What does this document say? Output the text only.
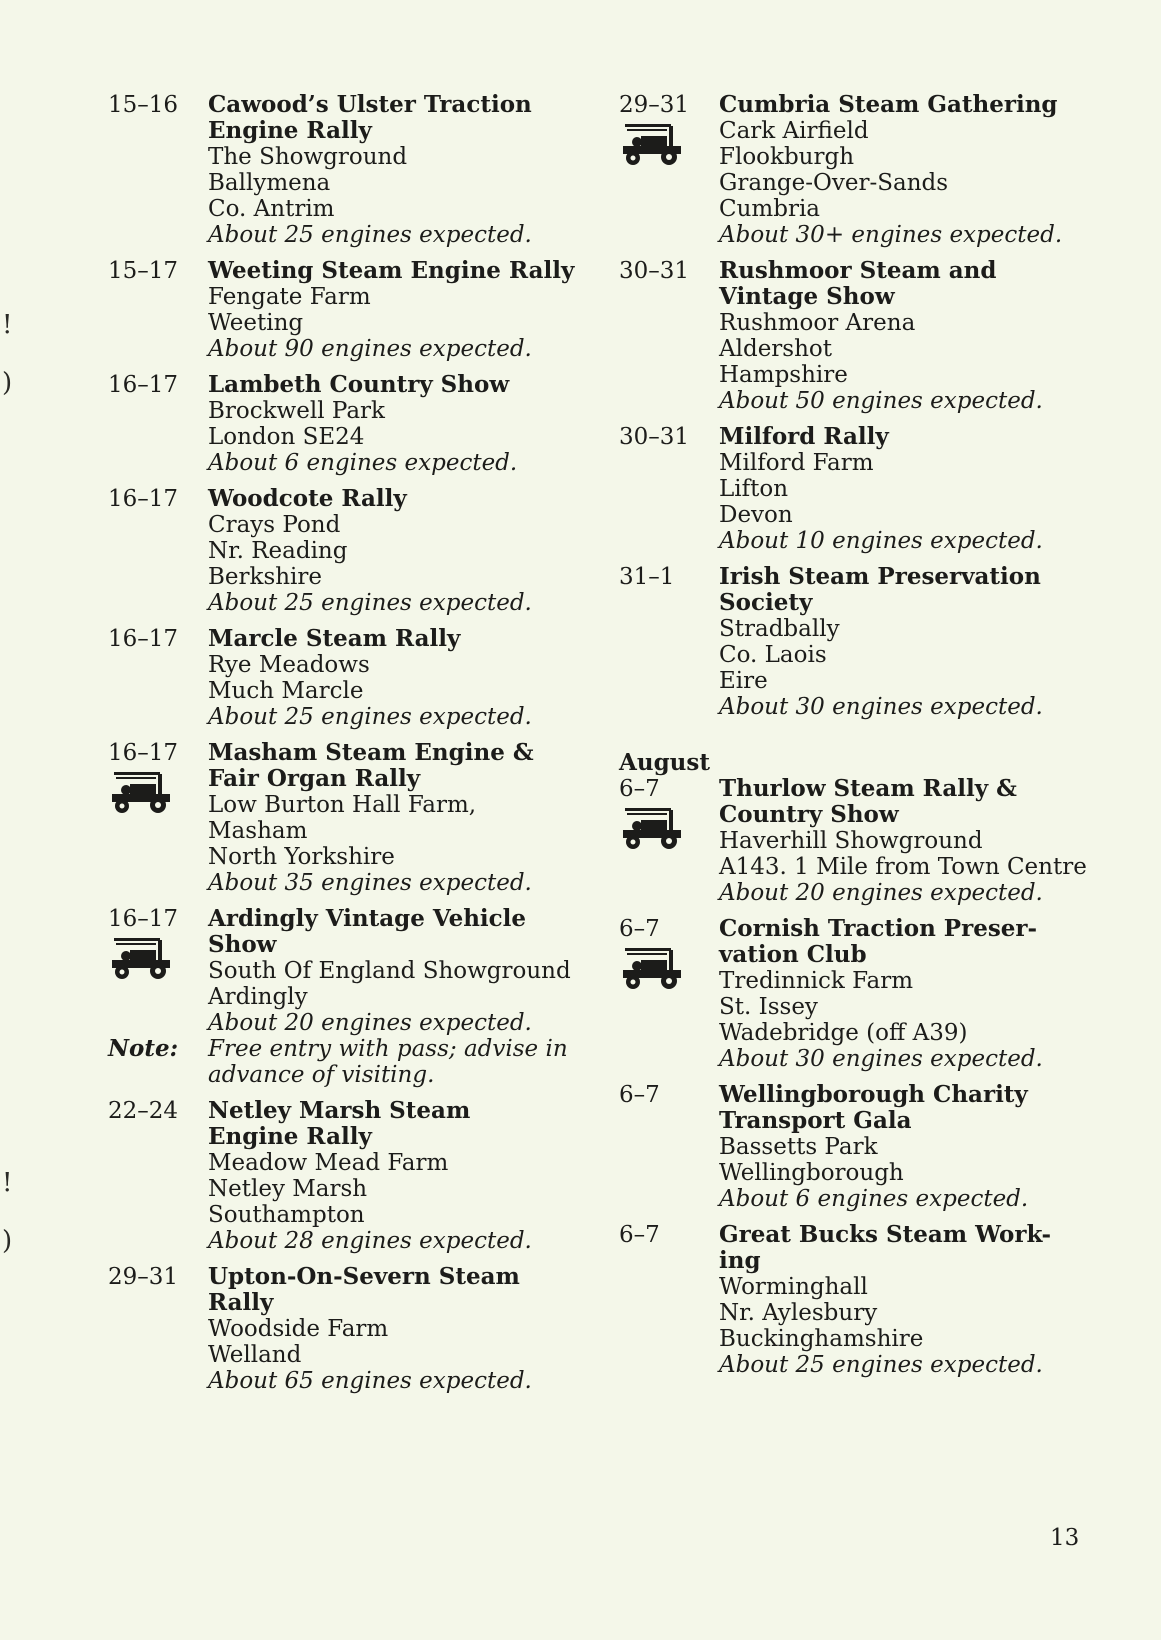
15–16	Cawood’s Ulster Traction
Engine Rally
The Showground
Ballymena
Co. Antrim
About 25 engines expected.
15–17	Weeting Steam Engine Rally
Fengate Farm
Weeting
About 90 engines expected.
16–17	Lambeth Country Show
Brockwell Park
London SE24
About 6 engines expected.
16–17	Woodcote Rally
Crays Pond
Nr. Reading
Berkshire
About 25 engines expected.
16–17	Marcle Steam Rally
Rye Meadows
Much Marcle
About 25 engines expected.
16–17	Masham Steam Engine &
Fair Organ Rally
Low Burton Hall Farm,
Masham
North Yorkshire
About 35 engines expected.
16–17	Ardingly Vintage Vehicle
Show
South Of England Showground
Ardingly
About 20 engines expected.
Note:	Free entry with pass; advise in
advance of visiting.
22–24	Netley Marsh Steam
Engine Rally
Meadow Mead Farm
Netley Marsh
Southampton
About 28 engines expected.
29–31	Upton-On-Severn Steam
Rally
Woodside Farm
Welland
About 65 engines expected.
29–31	Cumbria Steam Gathering
Cark Airfield
Flookburgh
Grange-Over-Sands
Cumbria
About 30+ engines expected.
30–31	Rushmoor Steam and
Vintage Show
Rushmoor Arena
Aldershot
Hampshire
About 50 engines expected.
30–31	Milford Rally
Milford Farm
Lifton
Devon
About 10 engines expected.
31–1	Irish Steam Preservation
Society
Stradbally
Co. Laois
Eire
About 30 engines expected.
August
6–7	Thurlow Steam Rally &
Country Show
Haverhill Showground
A143. 1 Mile from Town Centre
About 20 engines expected.
6–7	Cornish Traction Preser-
vation Club
Tredinnick Farm
St. Issey
Wadebridge (off A39)
About 30 engines expected.
6–7	Wellingborough Charity
Transport Gala
Bassetts Park
Wellingborough
About 6 engines expected.
6–7	Great Bucks Steam Work-
ing
Worminghall
Nr. Aylesbury
Buckinghamshire
About 25 engines expected.
13
!
)
!
)
